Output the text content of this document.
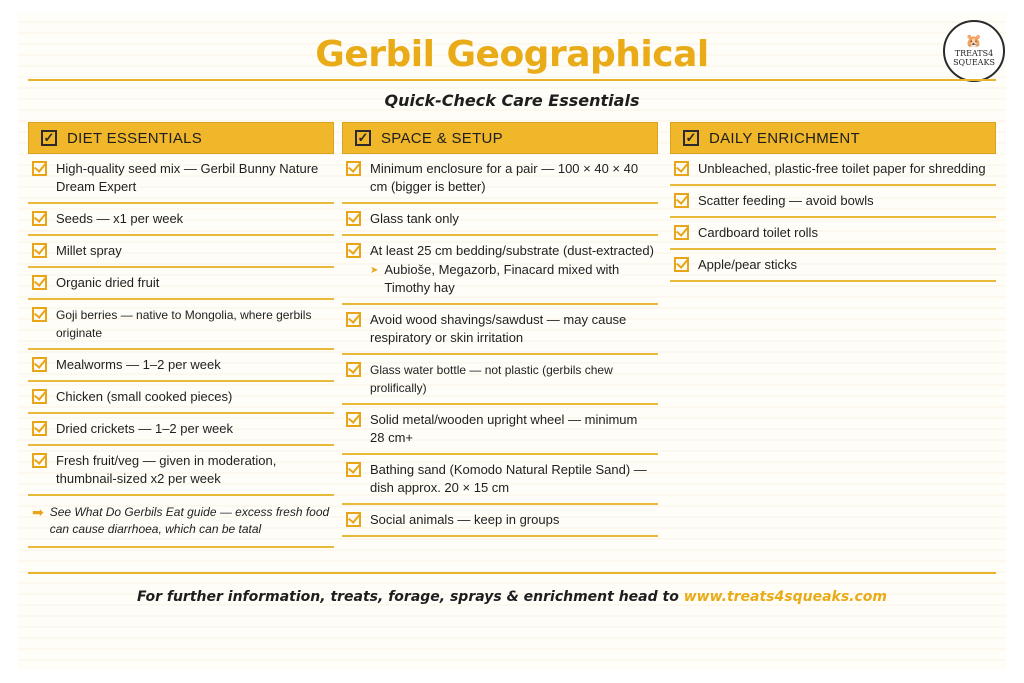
Gerbil Geographical	🐹
TREATS4
SQUEAKS
Quick-Check Care Essentials
✓ DIET ESSENTIALS
High-quality seed mix — Gerbil Bunny Nature Dream Expert
Seeds — x1 per week
Millet spray
Organic dried fruit
Goji berries — native to Mongolia, where gerbils originate
Mealworms — 1–2 per week
Chicken (small cooked pieces)
Dried crickets — 1–2 per week
Fresh fruit/veg — given in moderation, thumbnail-sized x2 per week
➡ See What Do Gerbils Eat guide — excess fresh food can cause diarrhoea, which can be tatal
✓ SPACE & SETUP
Minimum enclosure for a pair — 100 × 40 × 40 cm (bigger is better)
Glass tank only
At least 25 cm bedding/substrate (dust-extracted)
➤ Aubioše, Megazorb, Finacard mixed with Timothy hay
Avoid wood shavings/sawdust — may cause respiratory or skin irritation
Glass water bottle — not plastic (gerbils chew prolifically)
Solid metal/wooden upright wheel — minimum 28 cm+
Bathing sand (Komodo Natural Reptile Sand) — dish approx. 20 × 15 cm
Social animals — keep in groups
✓ DAILY ENRICHMENT
Unbleached, plastic-free toilet paper for shredding
Scatter feeding — avoid bowls
Cardboard toilet rolls
Apple/pear sticks
For further information, treats, forage, sprays & enrichment head to www.treats4squeaks.com
